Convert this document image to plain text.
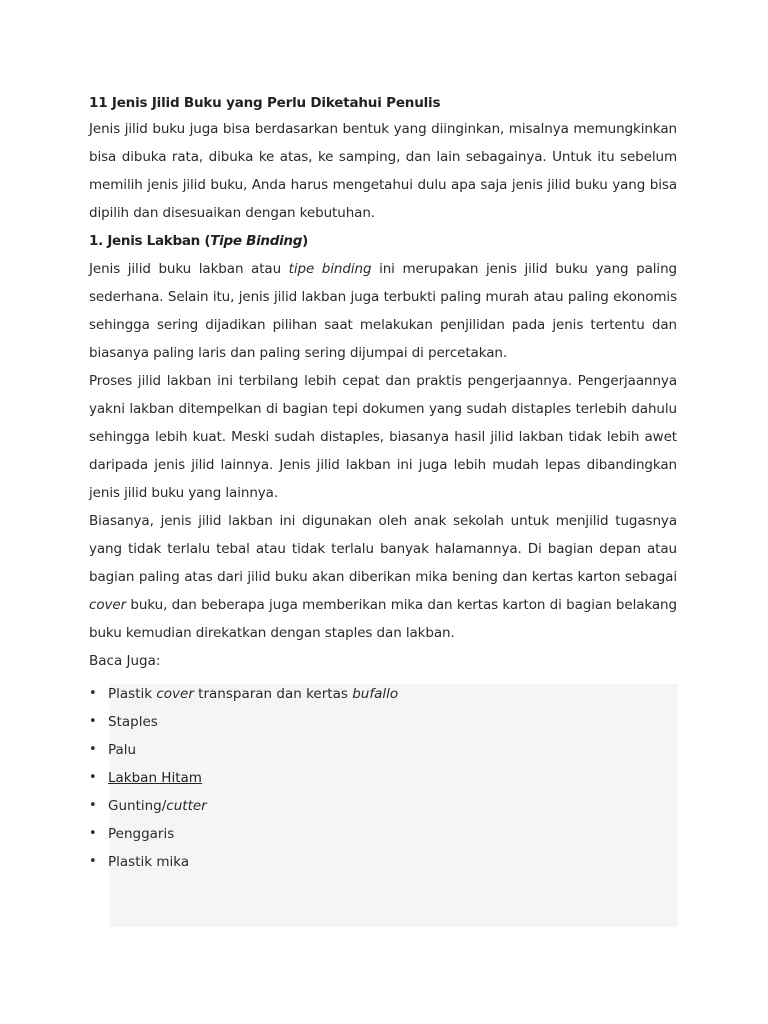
11 Jenis Jilid Buku yang Perlu Diketahui Penulis

Jenis jilid buku juga bisa berdasarkan bentuk yang diinginkan, misalnya memungkinkan bisa dibuka rata, dibuka ke atas, ke samping, dan lain sebagainya. Untuk itu sebelum memilih jenis jilid buku, Anda harus mengetahui dulu apa saja jenis jilid buku yang bisa dipilih dan disesuaikan dengan kebutuhan.

1. Jenis Lakban (Tipe Binding)

Jenis jilid buku lakban atau tipe binding ini merupakan jenis jilid buku yang paling sederhana. Selain itu, jenis jilid lakban juga terbukti paling murah atau paling ekonomis sehingga sering dijadikan pilihan saat melakukan penjilidan pada jenis tertentu dan biasanya paling laris dan paling sering dijumpai di percetakan.

Proses jilid lakban ini terbilang lebih cepat dan praktis pengerjaannya. Pengerjaannya yakni lakban ditempelkan di bagian tepi dokumen yang sudah distaples terlebih dahulu sehingga lebih kuat. Meski sudah distaples, biasanya hasil jilid lakban tidak lebih awet daripada jenis jilid lainnya. Jenis jilid lakban ini juga lebih mudah lepas dibandingkan jenis jilid buku yang lainnya.

Biasanya, jenis jilid lakban ini digunakan oleh anak sekolah untuk menjilid tugasnya yang tidak terlalu tebal atau tidak terlalu banyak halamannya. Di bagian depan atau bagian paling atas dari jilid buku akan diberikan mika bening dan kertas karton sebagai cover buku, dan beberapa juga memberikan mika dan kertas karton di bagian belakang buku kemudian direkatkan dengan staples dan lakban.

Baca Juga:
• Plastik cover transparan dan kertas bufallo
• Staples
• Palu
• Lakban Hitam
• Gunting/cutter
• Penggaris
• Plastik mika
